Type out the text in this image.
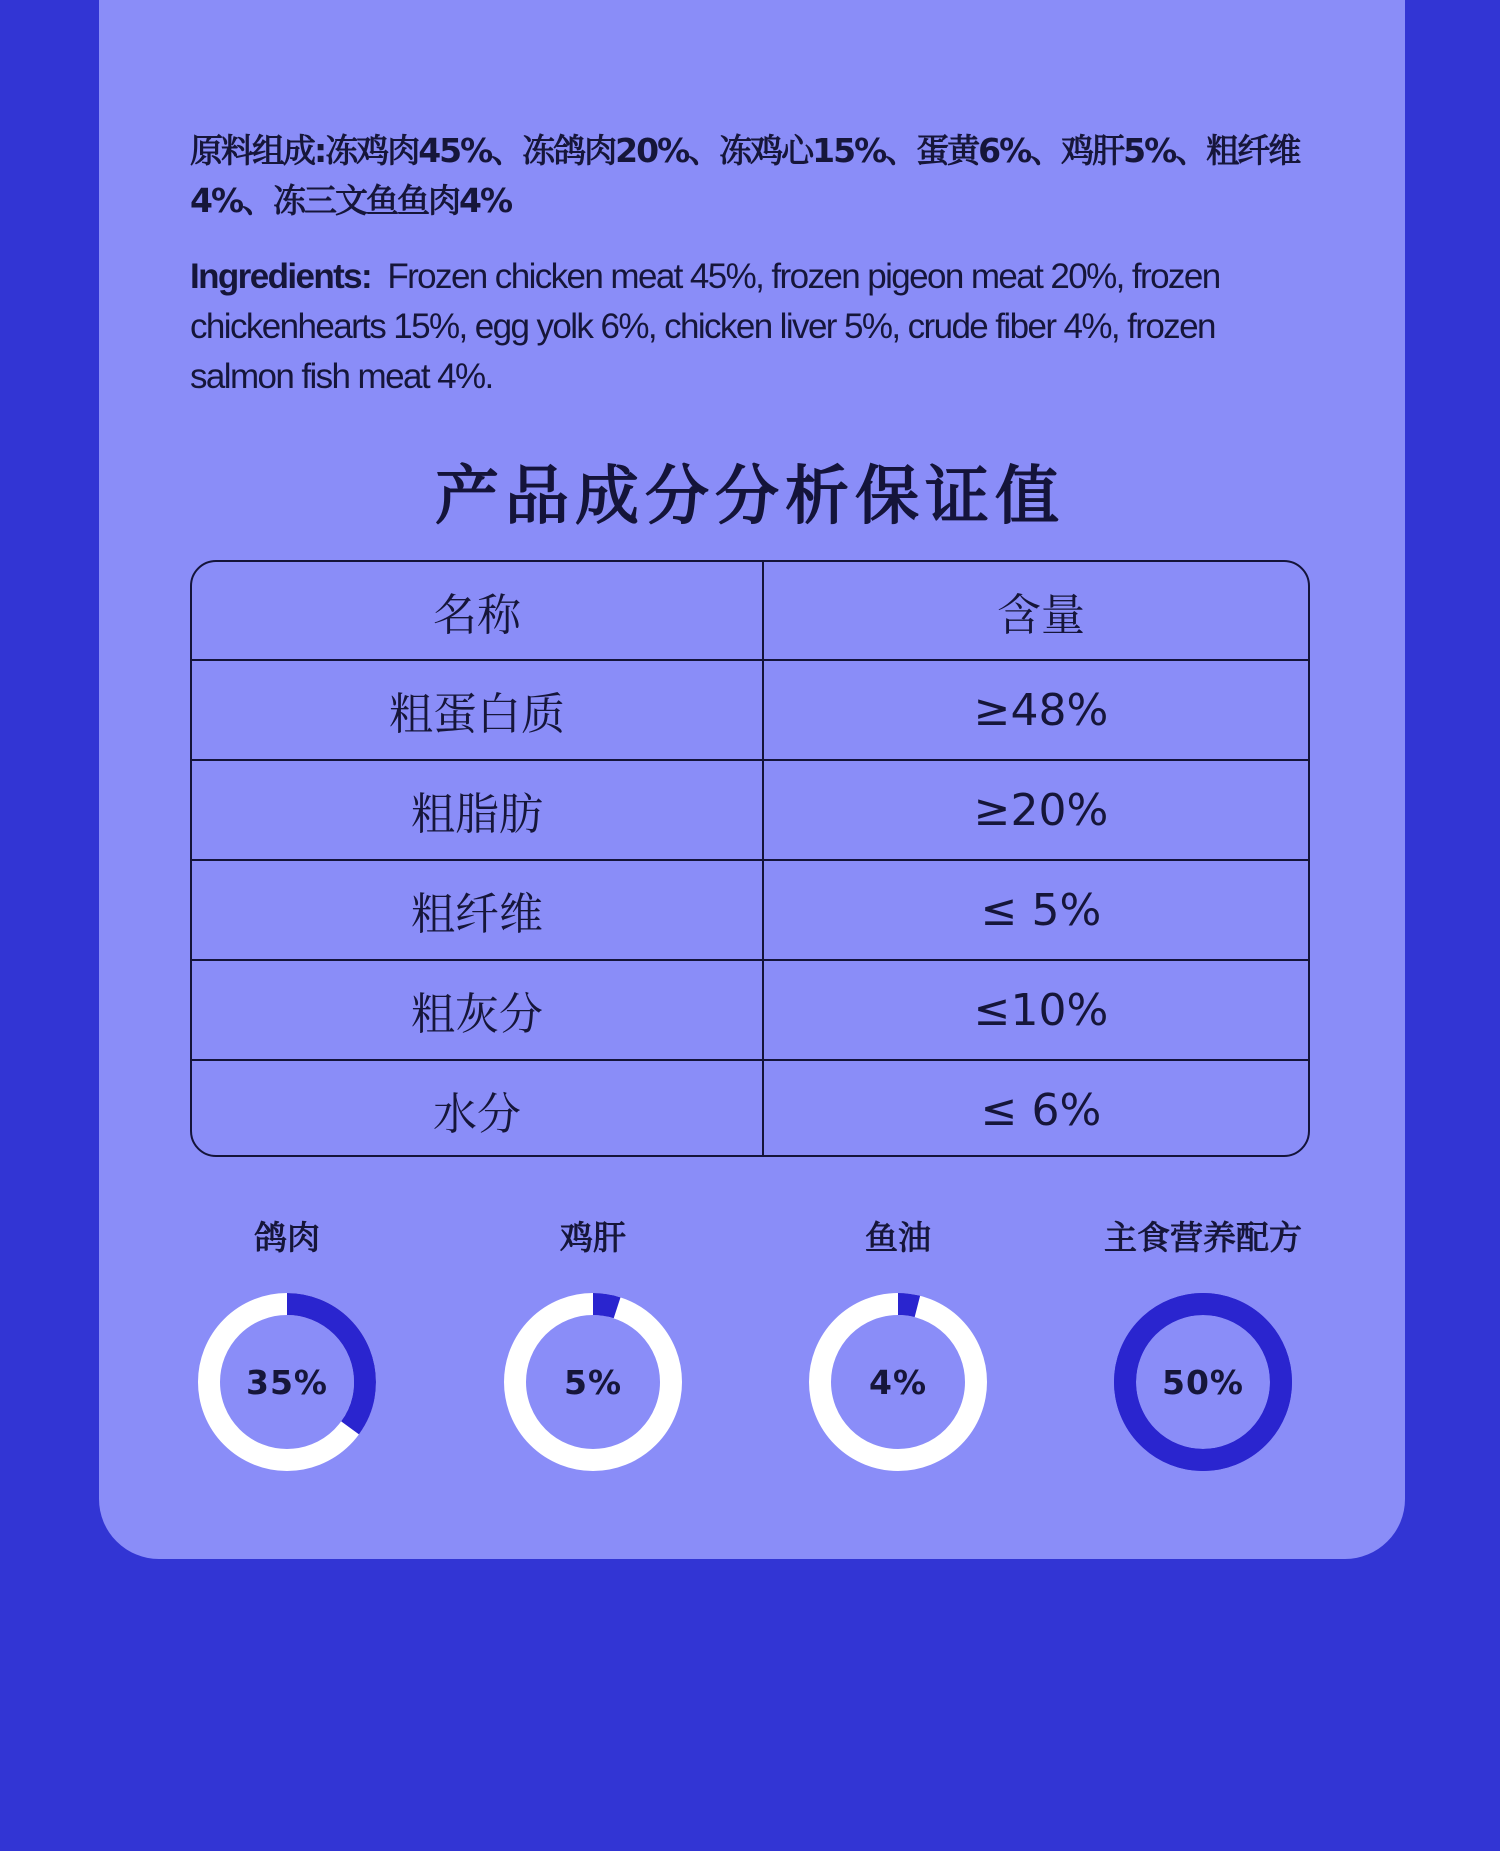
原料组成:冻鸡肉45%、冻鸽肉20%、冻鸡心15%、蛋黄6%、鸡肝5%、粗纤维4%、冻三文鱼鱼肉4%

Ingredients: Frozen chicken meat 45%, frozen pigeon meat 20%, frozen chickenhearts 15%, egg yolk 6%, chicken liver 5%, crude fiber 4%, frozen salmon fish meat 4%.

产品成分分析保证值
名称	含量
粗蛋白质	≥48%
粗脂肪	≥20%
粗纤维	≤ 5%
粗灰分	≤10%
水分	≤ 6%
鸽肉
35%
鸡肝
5%
鱼油
4%
主食营养配方
50%
